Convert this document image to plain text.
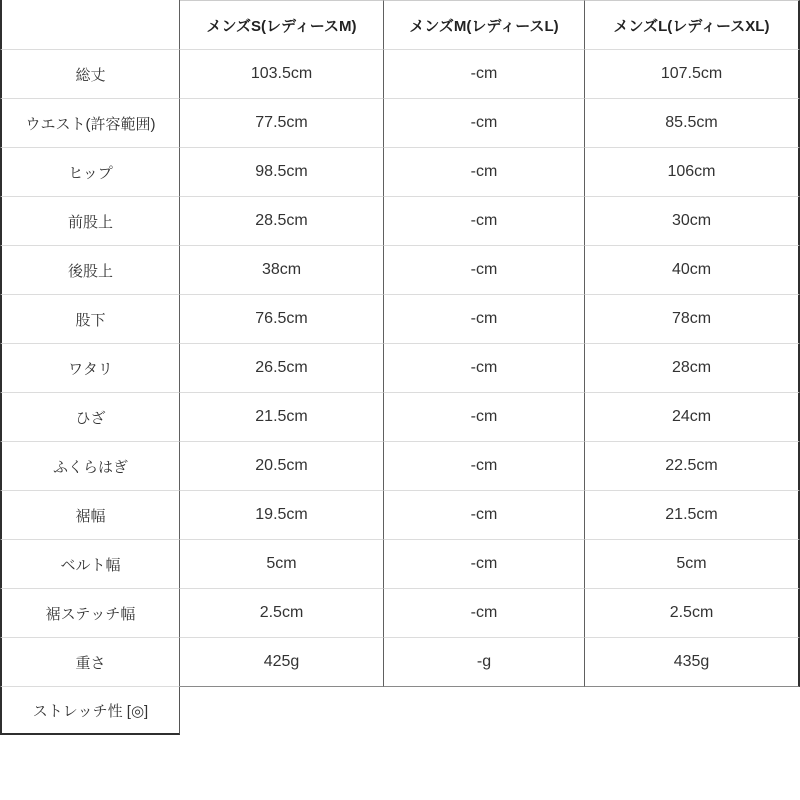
	メンズS(レディースM)	メンズM(レディースL)	メンズL(レディースXL)
総丈	103.5cm	-cm	107.5cm
ウエスト(許容範囲)	77.5cm	-cm	85.5cm
ヒップ	98.5cm	-cm	106cm
前股上	28.5cm	-cm	30cm
後股上	38cm	-cm	40cm
股下	76.5cm	-cm	78cm
ワタリ	26.5cm	-cm	28cm
ひざ	21.5cm	-cm	24cm
ふくらはぎ	20.5cm	-cm	22.5cm
裾幅	19.5cm	-cm	21.5cm
ベルト幅	5cm	-cm	5cm
裾ステッチ幅	2.5cm	-cm	2.5cm
重さ	425g	-g	435g
ストレッチ性 [◎]			
